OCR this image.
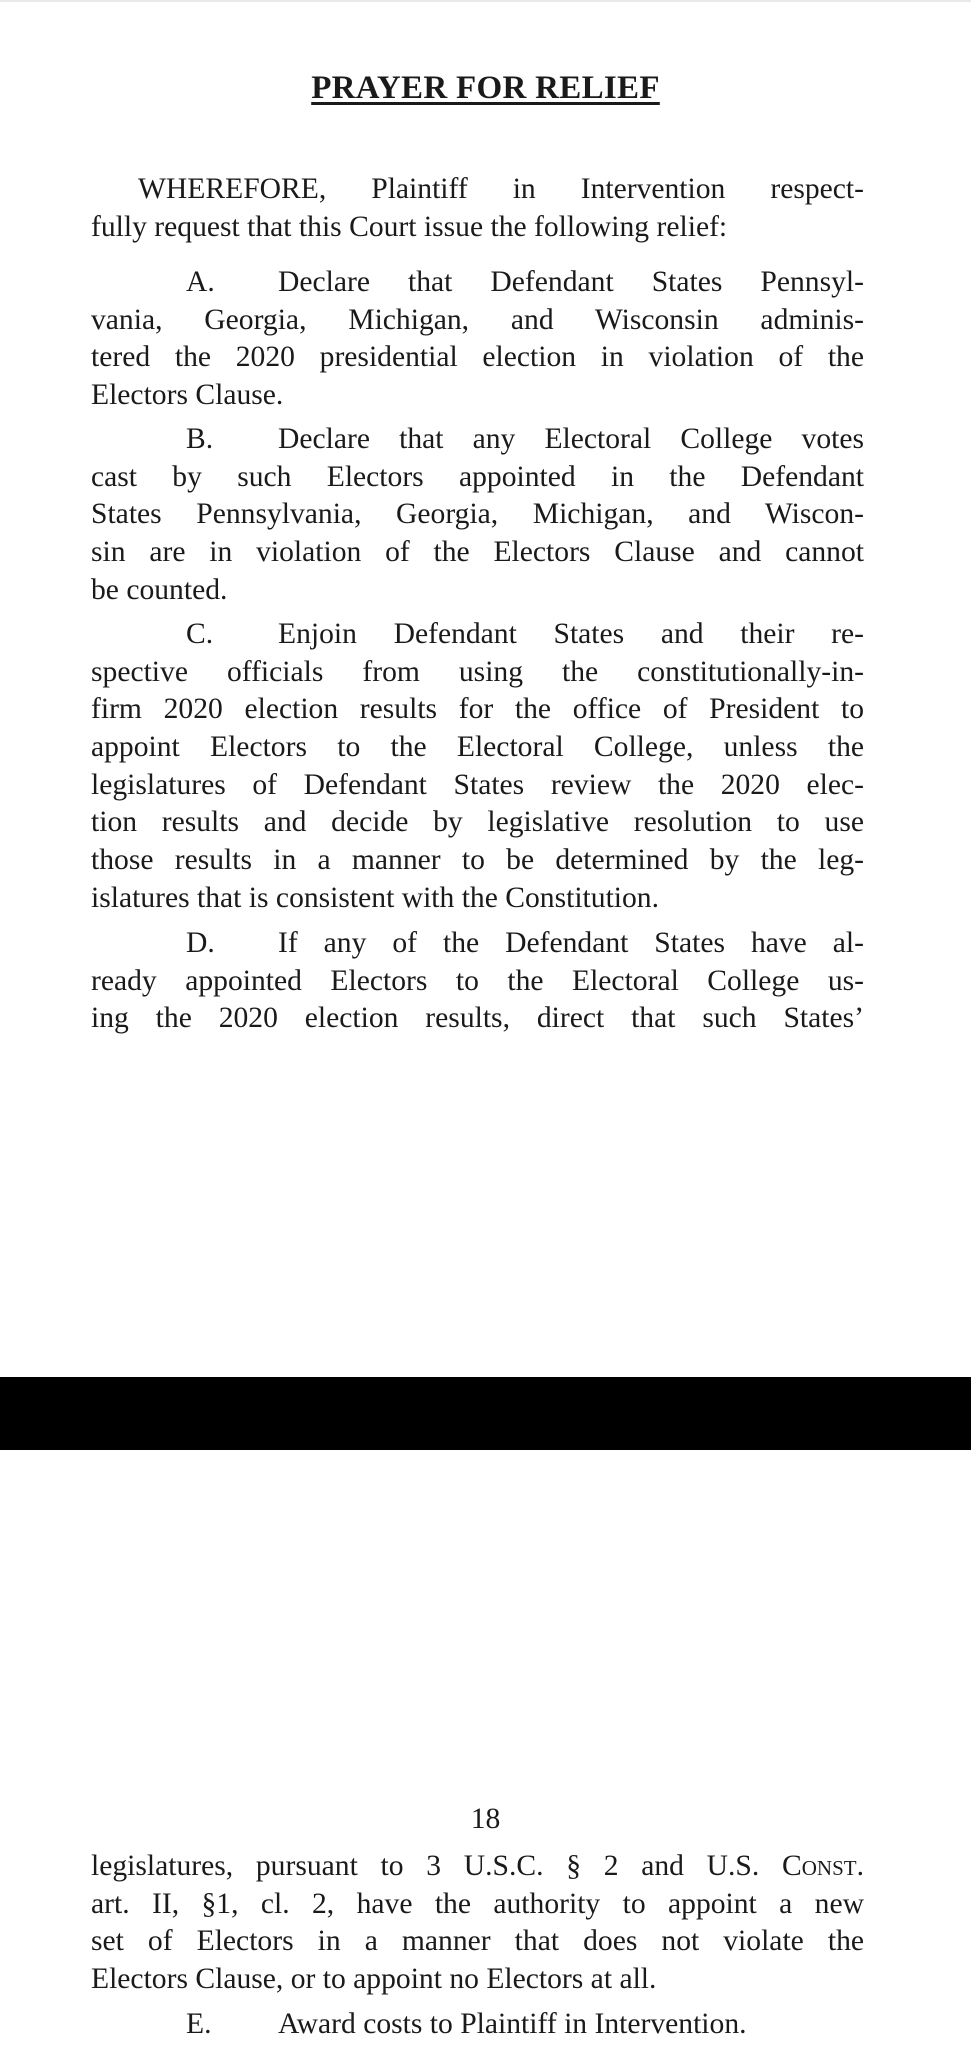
PRAYER FOR RELIEF
WHEREFORE, Plaintiff in Intervention respect-
fully request that this Court issue the following relief:
A. Declare that Defendant States Pennsyl-
vania, Georgia, Michigan, and Wisconsin adminis-
tered the 2020 presidential election in violation of the
Electors Clause.
B. Declare that any Electoral College votes
cast by such Electors appointed in the Defendant
States Pennsylvania, Georgia, Michigan, and Wiscon-
sin are in violation of the Electors Clause and cannot
be counted.
C. Enjoin Defendant States and their re-
spective officials from using the constitutionally-in-
firm 2020 election results for the office of President to
appoint Electors to the Electoral College, unless the
legislatures of Defendant States review the 2020 elec-
tion results and decide by legislative resolution to use
those results in a manner to be determined by the leg-
islatures that is consistent with the Constitution.
D. If any of the Defendant States have al-
ready appointed Electors to the Electoral College us-
ing the 2020 election results, direct that such States’
18
legislatures, pursuant to 3 U.S.C. § 2 and U.S. Const.
art. II, §1, cl. 2, have the authority to appoint a new
set of Electors in a manner that does not violate the
Electors Clause, or to appoint no Electors at all.
E. Award costs to Plaintiff in Intervention.
